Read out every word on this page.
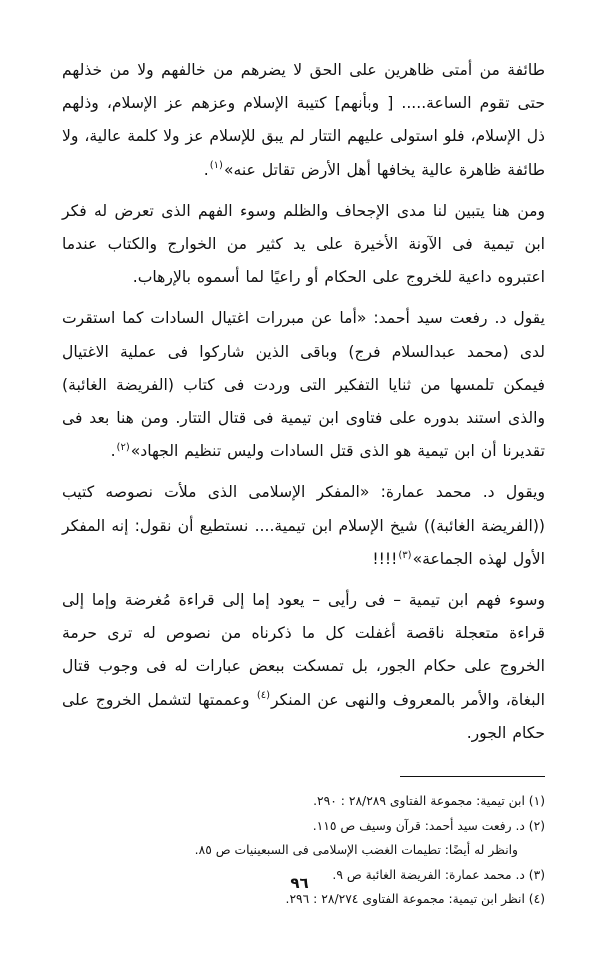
طائفة من أمتى ظاهرين على الحق لا يضرهم من خالفهم ولا من خذلهم حتى تقوم الساعة..... [ وبأنهم] كتيبة الإسلام وعزهم عز الإسلام، وذلهم ذل الإسلام، فلو استولى عليهم التتار لم يبق للإسلام عز ولا كلمة عالية، ولا طائفة ظاهرة عالية يخافها أهل الأرض تقاتل عنه»$^{(١)}$.

ومن هنا يتبين لنا مدى الإجحاف والظلم وسوء الفهم الذى تعرض له فكر ابن تيمية فى الآونة الأخيرة على يد كثير من الخوارج والكتاب عندما اعتبروه داعية للخروج على الحكام أو راعيًا لما أسموه بالإرهاب.

يقول د. رفعت سيد أحمد: «أما عن مبررات اغتيال السادات كما استقرت لدى (محمد عبدالسلام فرج) وباقى الذين شاركوا فى عملية الاغتيال فيمكن تلمسها من ثنايا التفكير التى وردت فى كتاب (الفريضة الغائبة) والذى استند بدوره على فتاوى ابن تيمية فى قتال التتار. ومن هنا بعد فى تقديرنا أن ابن تيمية هو الذى قتل السادات وليس تنظيم الجهاد»$^{(٢)}$.

ويقول د. محمد عمارة: «المفكر الإسلامى الذى ملأت نصوصه كتيب ((الفريضة الغائبة)) شيخ الإسلام ابن تيمية.... نستطيع أن نقول: إنه المفكر الأول لهذه الجماعة»$^{(٣)}$!!!!

وسوء فهم ابن تيمية – فى رأيى – يعود إما إلى قراءة مُغرضة وإما إلى قراءة متعجلة ناقصة أغفلت كل ما ذكرناه من نصوص له ترى حرمة الخروج على حكام الجور، بل تمسكت ببعض عبارات له فى وجوب قتال البغاة، والأمر بالمعروف والنهى عن المنكر$^{(٤)}$ وعممتها لتشمل الخروج على حكام الجور.

(١) ابن تيمية: مجموعة الفتاوى ٢٨/٢٨٩ : ٢٩٠.

(٢) د. رفعت سيد أحمد: قرآن وسيف ص ١١٥.

وانظر له أيضًا: تطيمات الغضب الإسلامى فى السبعينيات ص ٨٥.

(٣) د. محمد عمارة: الفريضة الغائبة ص ٩.

(٤) انظر ابن تيمية: مجموعة الفتاوى ٢٨/٢٧٤ : ٢٩٦.

٩٦
